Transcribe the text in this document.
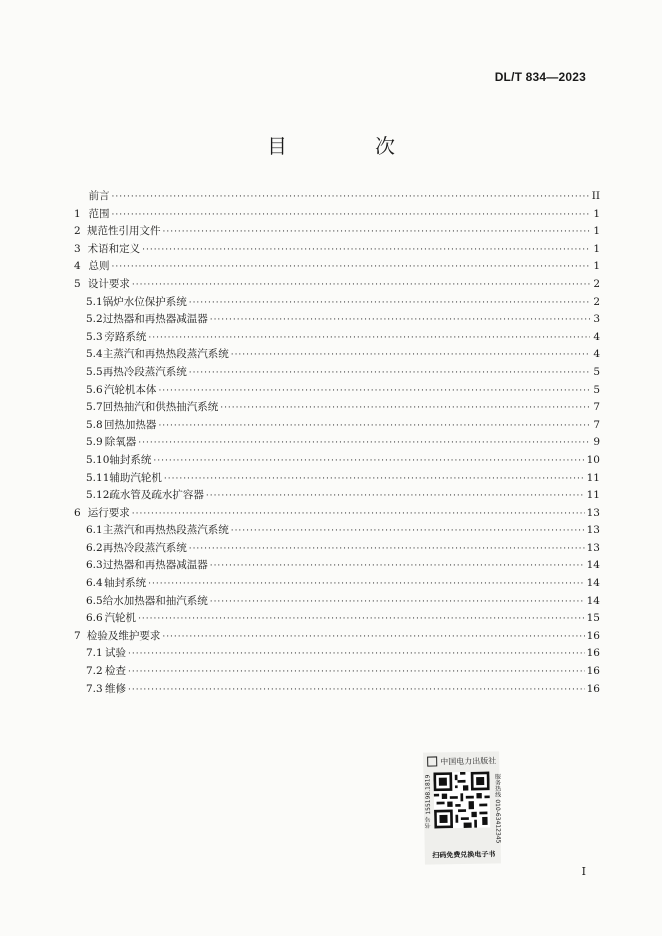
DL/T 834—2023
目　次
前言 ·····	II
1 范围 ·····	1
2 规范性引用文件 ·····	1
3 术语和定义 ·····	1
4 总则 ·····	1
5 设计要求 ·····	2
5.1 锅炉水位保护系统 ·····	2
5.2 过热器和再热器减温器 ·····	3
5.3 旁路系统 ·····	4
5.4 主蒸汽和再热热段蒸汽系统 ·····	4
5.5 再热冷段蒸汽系统 ·····	5
5.6 汽轮机本体 ·····	5
5.7 回热抽汽和供热抽汽系统 ·····	7
5.8 回热加热器 ·····	7
5.9 除氧器 ·····	9
5.10 轴封系统 ·····	10
5.11 辅助汽轮机 ·····	11
5.12 疏水管及疏水扩容器 ·····	11
6 运行要求 ·····	13
6.1 主蒸汽和再热热段蒸汽系统 ·····	13
6.2 再热冷段蒸汽系统 ·····	13
6.3 过热器和再热器减温器 ·····	14
6.4 轴封系统 ·····	14
6.5 给水加热器和抽汽系统 ·····	14
6.6 汽轮机 ·····	15
7 检验及维护要求 ·····	16
7.1 试验 ·····	16
7.2 检查 ·····	16
7.3 维修 ·····	16
中国电力出版社
书号 155198.1819	服务热线 010-63412345
扫码免费兑换电子书
I
